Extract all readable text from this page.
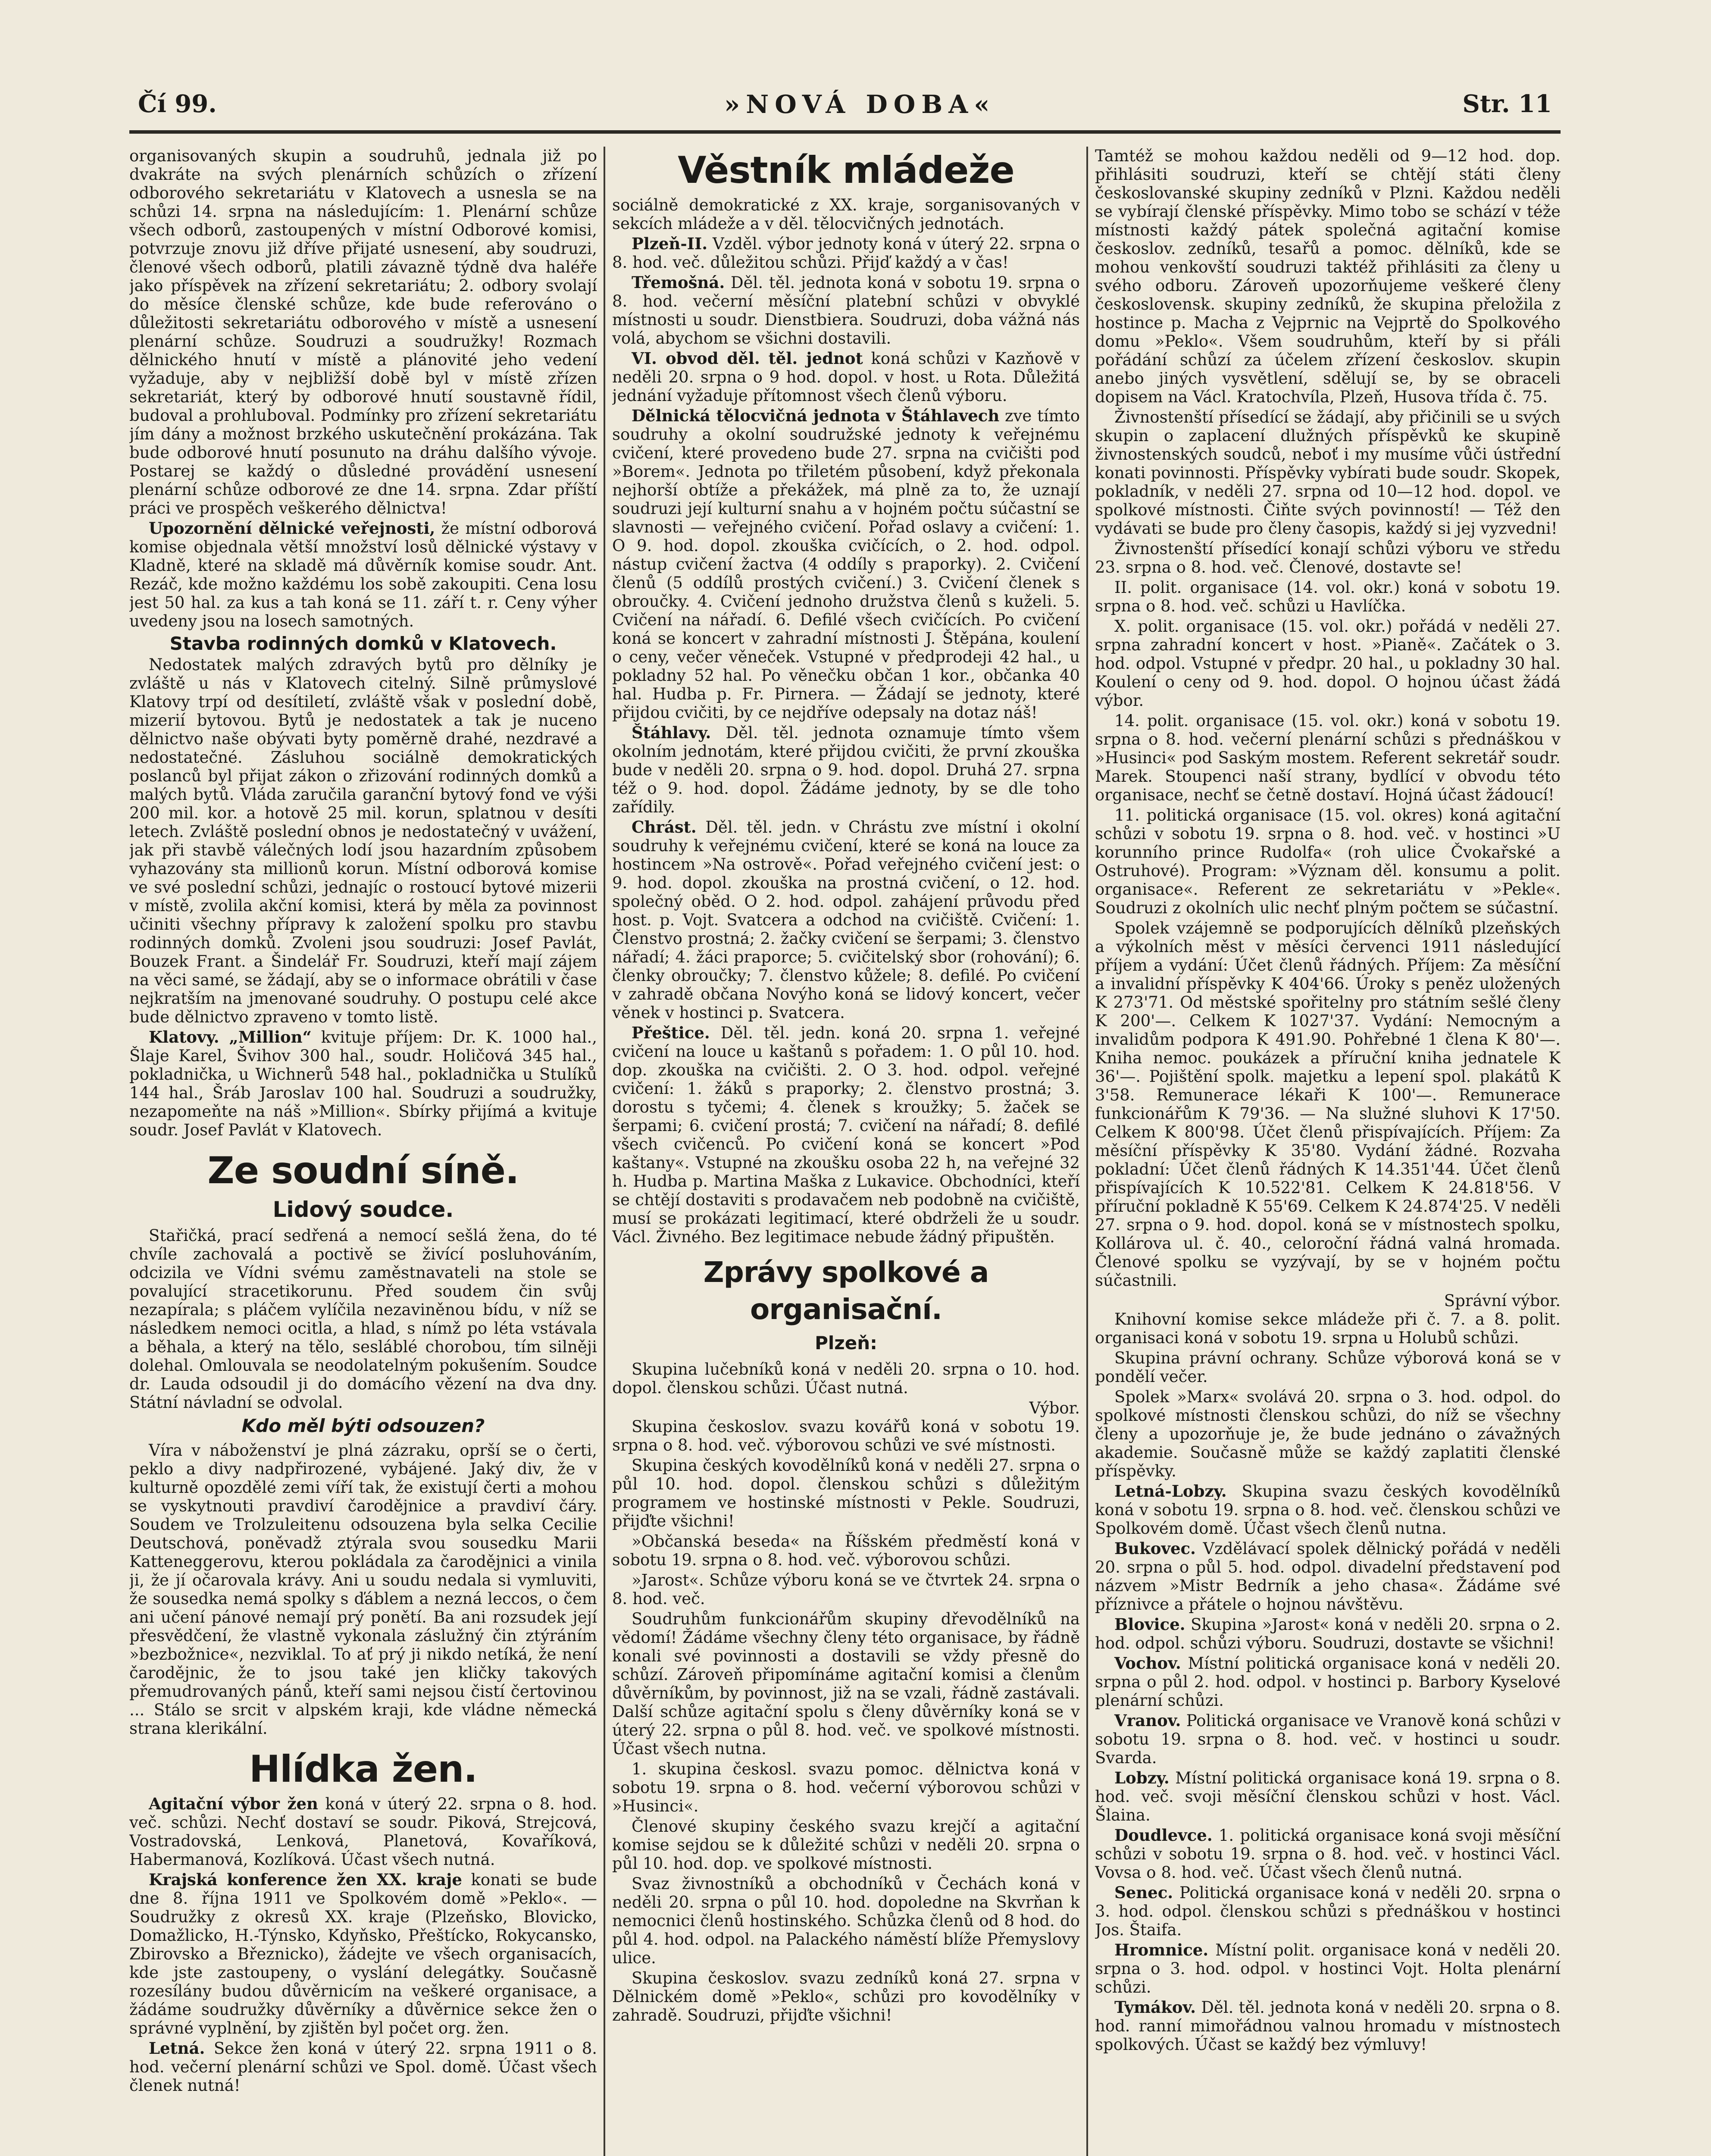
Čí 99.	»NOVÁ DOBA«	Str. 11

organisovaných skupin a soudruhů, jednala již po dvakráte na svých plenárních schůzích o zřízení odborového sekretariátu v Klatovech a usnesla se na schůzi 14. srpna na následujícím: 1. Plenární schůze všech odborů, zastoupených v místní Odborové komisi, potvrzuje znovu již dříve přijaté usnesení, aby soudruzi, členové všech odborů, platili závazně týdně dva haléře jako příspěvek na zřízení sekretariátu; 2. odbory svolají do měsíce členské schůze, kde bude referováno o důležitosti sekretariátu odborového v místě a usnesení plenární schůze. Soudruzi a soudružky! Rozmach dělnického hnutí v místě a plánovité jeho vedení vyžaduje, aby v nejbližší době byl v místě zřízen sekretariát, který by odborové hnutí soustavně řídil, budoval a prohluboval. Podmínky pro zřízení sekretariátu jím dány a možnost brzkého uskutečnění prokázána. Tak bude odborové hnutí posunuto na dráhu dalšího vývoje. Postarej se každý o důsledné provádění usnesení plenární schůze odborové ze dne 14. srpna. Zdar příští práci ve prospěch veškerého dělnictva!

Upozornění dělnické veřejnosti, že místní odborová komise objednala větší množství losů dělnické výstavy v Kladně, které na skladě má důvěrník komise soudr. Ant. Rezáč, kde možno každému los sobě zakoupiti. Cena losu jest 50 hal. za kus a tah koná se 11. září t. r. Ceny výher uvedeny jsou na losech samotných.

Stavba rodinných domků v Klatovech.

Nedostatek malých zdravých bytů pro dělníky je zvláště u nás v Klatovech citelný. Silně průmyslové Klatovy trpí od desítiletí, zvláště však v poslední době, mizerií bytovou. Bytů je nedostatek a tak je nuceno dělnictvo naše obývati byty poměrně drahé, nezdravé a nedostatečné. Zásluhou sociálně demokratických poslanců byl přijat zákon o zřizování rodinných domků a malých bytů. Vláda zaručila garanční bytový fond ve výši 200 mil. kor. a hotově 25 mil. korun, splatnou v desíti letech. Zvláště poslední obnos je nedostatečný v uvážení, jak při stavbě válečných lodí jsou hazardním způsobem vyhazovány sta millionů korun. Místní odborová komise ve své poslední schůzi, jednajíc o rostoucí bytové mizerii v místě, zvolila akční komisi, která by měla za povinnost učiniti všechny přípravy k založení spolku pro stavbu rodinných domků. Zvoleni jsou soudruzi: Josef Pavlát, Bouzek Frant. a Šindelář Fr. Soudruzi, kteří mají zájem na věci samé, se žádají, aby se o informace obrátili v čase nejkratším na jmenované soudruhy. O postupu celé akce bude dělnictvo zpraveno v tomto listě.

Klatovy. „Million“ kvituje příjem: Dr. K. 1000 hal., Šlaje Karel, Švihov 300 hal., soudr. Holičová 345 hal., pokladnička, u Wichnerů 548 hal., pokladnička u Stulíků 144 hal., Šráb Jaroslav 100 hal. Soudruzi a soudružky, nezapomeňte na náš »Million«. Sbírky přijímá a kvituje soudr. Josef Pavlát v Klatovech.

Ze soudní síně.
Lidový soudce.

Stařičká, prací sedřená a nemocí sešlá žena, do té chvíle zachovalá a poctivě se živící posluhováním, odcizila ve Vídni svému zaměstnavateli na stole se povalující stracetikorunu. Před soudem čin svůj nezapírala; s pláčem vylíčila nezaviněnou bídu, v níž se následkem nemoci ocitla, a hlad, s nímž po léta vstávala a běhala, a který na tělo, sesláblé chorobou, tím silněji dolehal. Omlouvala se neodolatelným pokušením. Soudce dr. Lauda odsoudil ji do domácího vězení na dva dny. Státní návladní se odvolal.

Kdo měl býti odsouzen?

Víra v náboženství je plná zázraku, oprší se o čerti, peklo a divy nadpřirozené, vybájené. Jaký div, že v kulturně opozdělé zemi víří tak, že existují čerti a mohou se vyskytnouti pravdiví čarodějnice a pravdiví čáry. Soudem ve Trolzuleitenu odsouzena byla selka Cecilie Deutschová, poněvadž ztýrala svou sousedku Marii Katteneggerovu, kterou pokládala za čarodějnici a vinila ji, že jí očarovala krávy. Ani u soudu nedala si vymluviti, že sousedka nemá spolky s ďáblem a nezná leccos, o čem ani učení pánové nemají prý ponětí. Ba ani rozsudek její přesvědčení, že vlastně vykonala záslužný čin ztýráním »bezbožnice«, nezviklal. To ať prý ji nikdo netíká, že není čarodějnic, že to jsou také jen kličky takových přemudrovaných pánů, kteří sami nejsou čistí čertovinou ... Stálo se srcit v alpském kraji, kde vládne německá strana klerikální.

Hlídka žen.

Agitační výbor žen koná v úterý 22. srpna o 8. hod. več. schůzi. Nechť dostaví se soudr. Piková, Strejcová, Vostradovská, Lenková, Planetová, Kovaříková, Habermanová, Kozlíková. Účast všech nutná.

Krajská konference žen XX. kraje konati se bude dne 8. října 1911 ve Spolkovém domě »Peklo«. — Soudružky z okresů XX. kraje (Plzeňsko, Blovicko, Domažlicko, H.-Týnsko, Kdyňsko, Přeštícko, Rokycansko, Zbirovsko a Březnicko), žádejte ve všech organisacích, kde jste zastoupeny, o vyslání delegátky. Současně rozesílány budou důvěrnicím na veškeré organisace, a žádáme soudružky důvěrníky a důvěrnice sekce žen o správné vyplnění, by zjištěn byl počet org. žen.

Letná. Sekce žen koná v úterý 22. srpna 1911 o 8. hod. večerní plenární schůzi ve Spol. domě. Účast všech členek nutná!

Věstník mládeže

sociálně demokratické z XX. kraje, sorganisovaných v sekcích mládeže a v děl. tělocvičných jednotách.

Plzeň-II. Vzděl. výbor jednoty koná v úterý 22. srpna o 8. hod. več. důležitou schůzi. Přijď každý a v čas!

Třemošná. Děl. těl. jednota koná v sobotu 19. srpna o 8. hod. večerní měsíční platební schůzi v obvyklé místnosti u soudr. Dienstbiera. Soudruzi, doba vážná nás volá, abychom se všichni dostavili.

VI. obvod děl. těl. jednot koná schůzi v Kazňově v neděli 20. srpna o 9 hod. dopol. v host. u Rota. Důležitá jednání vyžaduje přítomnost všech členů výboru.

Dělnická tělocvičná jednota v Štáhlavech zve tímto soudruhy a okolní soudružské jednoty k veřejnému cvičení, které provedeno bude 27. srpna na cvičišti pod »Borem«. Jednota po třiletém působení, když překonala nejhorší obtíže a překážek, má plně za to, že uznají soudruzi její kulturní snahu a v hojném počtu súčastní se slavnosti — veřejného cvičení. Pořad oslavy a cvičení: 1. O 9. hod. dopol. zkouška cvičících, o 2. hod. odpol. nástup cvičení žactva (4 oddíly s praporky). 2. Cvičení členů (5 oddílů prostých cvičení.) 3. Cvičení členek s obroučky. 4. Cvičení jednoho družstva členů s kuželi. 5. Cvičení na nářadí. 6. Defilé všech cvičících. Po cvičení koná se koncert v zahradní místnosti J. Štěpána, koulení o ceny, večer věneček. Vstupné v předprodeji 42 hal., u pokladny 52 hal. Po věnečku občan 1 kor., občanka 40 hal. Hudba p. Fr. Pirnera. — Žádají se jednoty, které přijdou cvičiti, by ce nejdříve odepsaly na dotaz náš!

Štáhlavy. Děl. těl. jednota oznamuje tímto všem okolním jednotám, které přijdou cvičiti, že první zkouška bude v neděli 20. srpna o 9. hod. dopol. Druhá 27. srpna též o 9. hod. dopol. Žádáme jednoty, by se dle toho zařídily.

Chrást. Děl. těl. jedn. v Chrástu zve místní i okolní soudruhy k veřejnému cvičení, které se koná na louce za hostincem »Na ostrově«. Pořad veřejného cvičení jest: o 9. hod. dopol. zkouška na prostná cvičení, o 12. hod. společný oběd. O 2. hod. odpol. zahájení průvodu před host. p. Vojt. Svatcera a odchod na cvičiště. Cvičení: 1. Členstvo prostná; 2. žačky cvičení se šerpami; 3. členstvo nářadí; 4. žáci praporce; 5. cvičitelský sbor (rohování); 6. členky obroučky; 7. členstvo kůžele; 8. defilé. Po cvičení v zahradě občana Novýho koná se lidový koncert, večer věnek v hostinci p. Svatcera.

Přeštice. Děl. těl. jedn. koná 20. srpna 1. veřejné cvičení na louce u kaštanů s pořadem: 1. O půl 10. hod. dop. zkouška na cvičišti. 2. O 3. hod. odpol. veřejné cvičení: 1. žáků s praporky; 2. členstvo prostná; 3. dorostu s tyčemi; 4. členek s kroužky; 5. žaček se šerpami; 6. cvičení prostá; 7. cvičení na nářadí; 8. defilé všech cvičenců. Po cvičení koná se koncert »Pod kaštany«. Vstupné na zkoušku osoba 22 h, na veřejné 32 h. Hudba p. Martina Maška z Lukavice. Obchodníci, kteří se chtějí dostaviti s prodavačem neb podobně na cvičiště, musí se prokázati legitimací, které obdrželi že u soudr. Václ. Živného. Bez legitimace nebude žádný připuštěn.

Zprávy spolkové a organisační.
Plzeň:

Skupina lučebníků koná v neděli 20. srpna o 10. hod. dopol. členskou schůzi. Účast nutná.

Výbor.

Skupina českoslov. svazu kovářů koná v sobotu 19. srpna o 8. hod. več. výborovou schůzi ve své místnosti.

Skupina českých kovodělníků koná v neděli 27. srpna o půl 10. hod. dopol. členskou schůzi s důležitým programem ve hostinské místnosti v Pekle. Soudruzi, přijďte všichni!

»Občanská beseda« na Říšském předměstí koná v sobotu 19. srpna o 8. hod. več. výborovou schůzi.

»Jarost«. Schůze výboru koná se ve čtvrtek 24. srpna o 8. hod. več.

Soudruhům funkcionářům skupiny dřevodělníků na vědomí! Žádáme všechny členy této organisace, by řádně konali své povinnosti a dostavili se vždy přesně do schůzí. Zároveň připomínáme agitační komisi a členům důvěrníkům, by povinnost, již na se vzali, řádně zastávali. Další schůze agitační spolu s členy důvěrníky koná se v úterý 22. srpna o půl 8. hod. več. ve spolkové místnosti. Účast všech nutna.

1. skupina českosl. svazu pomoc. dělnictva koná v sobotu 19. srpna o 8. hod. večerní výborovou schůzi v »Husinci«.

Členové skupiny českého svazu krejčí a agitační komise sejdou se k důležité schůzi v neděli 20. srpna o půl 10. hod. dop. ve spolkové místnosti.

Svaz živnostníků a obchodníků v Čechách koná v neděli 20. srpna o půl 10. hod. dopoledne na Skvrňan k nemocnici členů hostinského. Schůzka členů od 8 hod. do půl 4. hod. odpol. na Palackého náměstí blíže Přemyslovy ulice.

Skupina českoslov. svazu zedníků koná 27. srpna v Dělnickém domě »Peklo«, schůzi pro kovodělníky v zahradě. Soudruzi, přijďte všichni!

Tamtéž se mohou každou neděli od 9—12 hod. dop. přihlásiti soudruzi, kteří se chtějí státi členy českoslovanské skupiny zedníků v Plzni. Každou neděli se vybírají členské příspěvky. Mimo tobo se schází v téže místnosti každý pátek společná agitační komise českoslov. zedníků, tesařů a pomoc. dělníků, kde se mohou venkovští soudruzi taktéž přihlásiti za členy u svého odboru. Zároveň upozorňujeme veškeré členy československ. skupiny zedníků, že skupina přeložila z hostince p. Macha z Vejprnic na Vejprtě do Spolkového domu »Peklo«. Všem soudruhům, kteří by si přáli pořádání schůzí za účelem zřízení českoslov. skupin anebo jiných vysvětlení, sdělují se, by se obraceli dopisem na Václ. Kratochvíla, Plzeň, Husova třída č. 75.

Živnostenští přísedící se žádají, aby přičinili se u svých skupin o zaplacení dlužných příspěvků ke skupině živnostenských soudců, neboť i my musíme vůči ústřední konati povinnosti. Příspěvky vybírati bude soudr. Skopek, pokladník, v neděli 27. srpna od 10—12 hod. dopol. ve spolkové místnosti. Čiňte svých povinností! — Též den vydávati se bude pro členy časopis, každý si jej vyzvedni!

Živnostenští přísedící konají schůzi výboru ve středu 23. srpna o 8. hod. več. Členové, dostavte se!

II. polit. organisace (14. vol. okr.) koná v sobotu 19. srpna o 8. hod. več. schůzi u Havlíčka.

X. polit. organisace (15. vol. okr.) pořádá v neděli 27. srpna zahradní koncert v host. »Pianě«. Začátek o 3. hod. odpol. Vstupné v předpr. 20 hal., u pokladny 30 hal. Koulení o ceny od 9. hod. dopol. O hojnou účast žádá výbor.

14. polit. organisace (15. vol. okr.) koná v sobotu 19. srpna o 8. hod. večerní plenární schůzi s přednáškou v »Husinci« pod Saským mostem. Referent sekretář soudr. Marek. Stoupenci naší strany, bydlící v obvodu této organisace, nechť se četně dostaví. Hojná účast žádoucí!

11. politická organisace (15. vol. okres) koná agitační schůzi v sobotu 19. srpna o 8. hod. več. v hostinci »U korunního prince Rudolfa« (roh ulice Čvokařské a Ostruhové). Program: »Význam děl. konsumu a polit. organisace«. Referent ze sekretariátu v »Pekle«. Soudruzi z okolních ulic nechť plným počtem se súčastní.

Spolek vzájemně se podporujících dělníků plzeňských a výkolních měst v měsíci červenci 1911 následující příjem a vydání: Účet členů řádných. Příjem: Za měsíční a invalidní příspěvky K 404'66. Úroky s peněz uložených K 273'71. Od městské spořitelny pro státním sešlé členy K 200'—. Celkem K 1027'37. Vydání: Nemocným a invalidům podpora K 491.90. Pohřebné 1 člena K 80'—. Kniha nemoc. poukázek a příruční kniha jednatele K 36'—. Pojištění spolk. majetku a lepení spol. plakátů K 3'58. Remunerace lékaři K 100'—. Remunerace funkcionářům K 79'36. — Na služné sluhovi K 17'50. Celkem K 800'98. Účet členů přispívajících. Příjem: Za měsíční příspěvky K 35'80. Vydání žádné. Rozvaha pokladní: Účet členů řádných K 14.351'44. Účet členů přispívajících K 10.522'81. Celkem K 24.818'56. V příruční pokladně K 55'69. Celkem K 24.874'25. V neděli 27. srpna o 9. hod. dopol. koná se v místnostech spolku, Kollárova ul. č. 40., celoroční řádná valná hromada. Členové spolku se vyzývají, by se v hojném počtu súčastnili.

Správní výbor.

Knihovní komise sekce mládeže při č. 7. a 8. polit. organisaci koná v sobotu 19. srpna u Holubů schůzi.

Skupina právní ochrany. Schůze výborová koná se v pondělí večer.

Spolek »Marx« svolává 20. srpna o 3. hod. odpol. do spolkové místnosti členskou schůzi, do níž se všechny členy a upozorňuje je, že bude jednáno o závažných akademie. Současně může se každý zaplatiti členské příspěvky.

Letná-Lobzy. Skupina svazu českých kovodělníků koná v sobotu 19. srpna o 8. hod. več. členskou schůzi ve Spolkovém domě. Účast všech členů nutna.

Bukovec. Vzdělávací spolek dělnický pořádá v neděli 20. srpna o půl 5. hod. odpol. divadelní představení pod názvem »Mistr Bedrník a jeho chasa«. Žádáme své příznivce a přátele o hojnou návštěvu.

Blovice. Skupina »Jarost« koná v neděli 20. srpna o 2. hod. odpol. schůzi výboru. Soudruzi, dostavte se všichni!

Vochov. Místní politická organisace koná v neděli 20. srpna o půl 2. hod. odpol. v hostinci p. Barbory Kyselové plenární schůzi.

Vranov. Politická organisace ve Vranově koná schůzi v sobotu 19. srpna o 8. hod. več. v hostinci u soudr. Svarda.

Lobzy. Místní politická organisace koná 19. srpna o 8. hod. več. svoji měsíční členskou schůzi v host. Václ. Šlaina.

Doudlevce. 1. politická organisace koná svoji měsíční schůzi v sobotu 19. srpna o 8. hod. več. v hostinci Václ. Vovsa o 8. hod. več. Účast všech členů nutná.

Senec. Politická organisace koná v neděli 20. srpna o 3. hod. odpol. členskou schůzi s přednáškou v hostinci Jos. Štaifa.

Hromnice. Místní polit. organisace koná v neděli 20. srpna o 3. hod. odpol. v hostinci Vojt. Holta plenární schůzi.

Tymákov. Děl. těl. jednota koná v neděli 20. srpna o 8. hod. ranní mimořádnou valnou hromadu v místnostech spolkových. Účast se každý bez výmluvy!
